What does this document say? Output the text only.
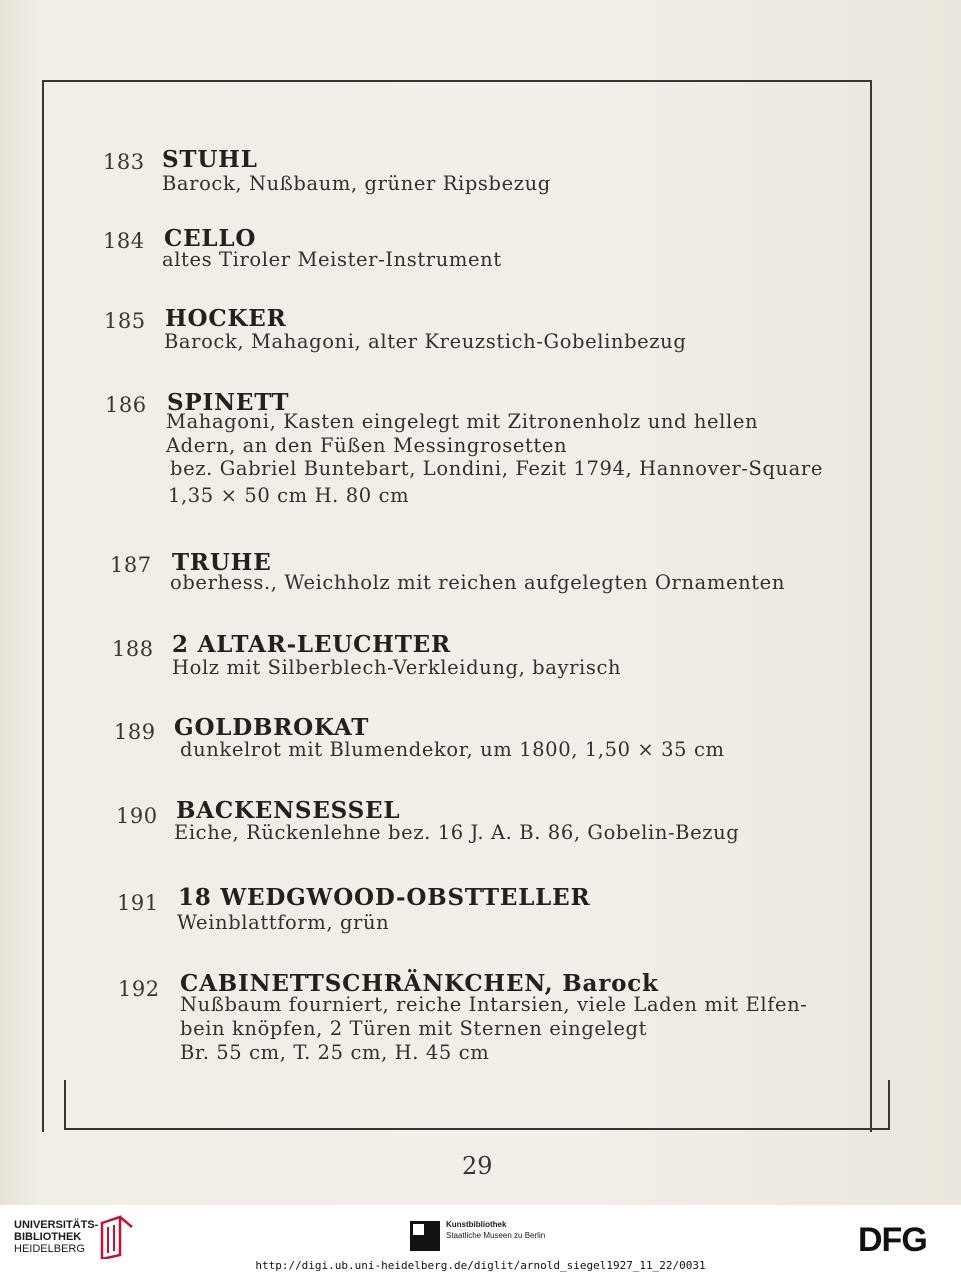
183 STUHL
Barock, Nußbaum, grüner Ripsbezug
184 CELLO
altes Tiroler Meister-Instrument
185 HOCKER
Barock, Mahagoni, alter Kreuzstich-Gobelinbezug
186 SPINETT
Mahagoni, Kasten eingelegt mit Zitronenholz und hellen
Adern, an den Füßen Messingrosetten
bez. Gabriel Buntebart, Londini, Fezit 1794, Hannover-Square
1,35 × 50 cm H. 80 cm
187 TRUHE
oberhess., Weichholz mit reichen aufgelegten Ornamenten
188 2 ALTAR-LEUCHTER
Holz mit Silberblech-Verkleidung, bayrisch
189 GOLDBROKAT
dunkelrot mit Blumendekor, um 1800, 1,50 × 35 cm
190 BACKENSESSEL
Eiche, Rückenlehne bez. 16 J. A. B. 86, Gobelin-Bezug
191 18 WEDGWOOD-OBSTTELLER
Weinblattform, grün
192 CABINETTSCHRÄNKCHEN, Barock
Nußbaum fourniert, reiche Intarsien, viele Laden mit Elfen-
bein knöpfen, 2 Türen mit Sternen eingelegt
Br. 55 cm, T. 25 cm, H. 45 cm
29
UNIVERSITÄTS-
BIBLIOTHEK
HEIDELBERG
Kunstbibliothek
Staatliche Museen zu Berlin	DFG
http://digi.ub.uni-heidelberg.de/diglit/arnold_siegel1927_11_22/0031
